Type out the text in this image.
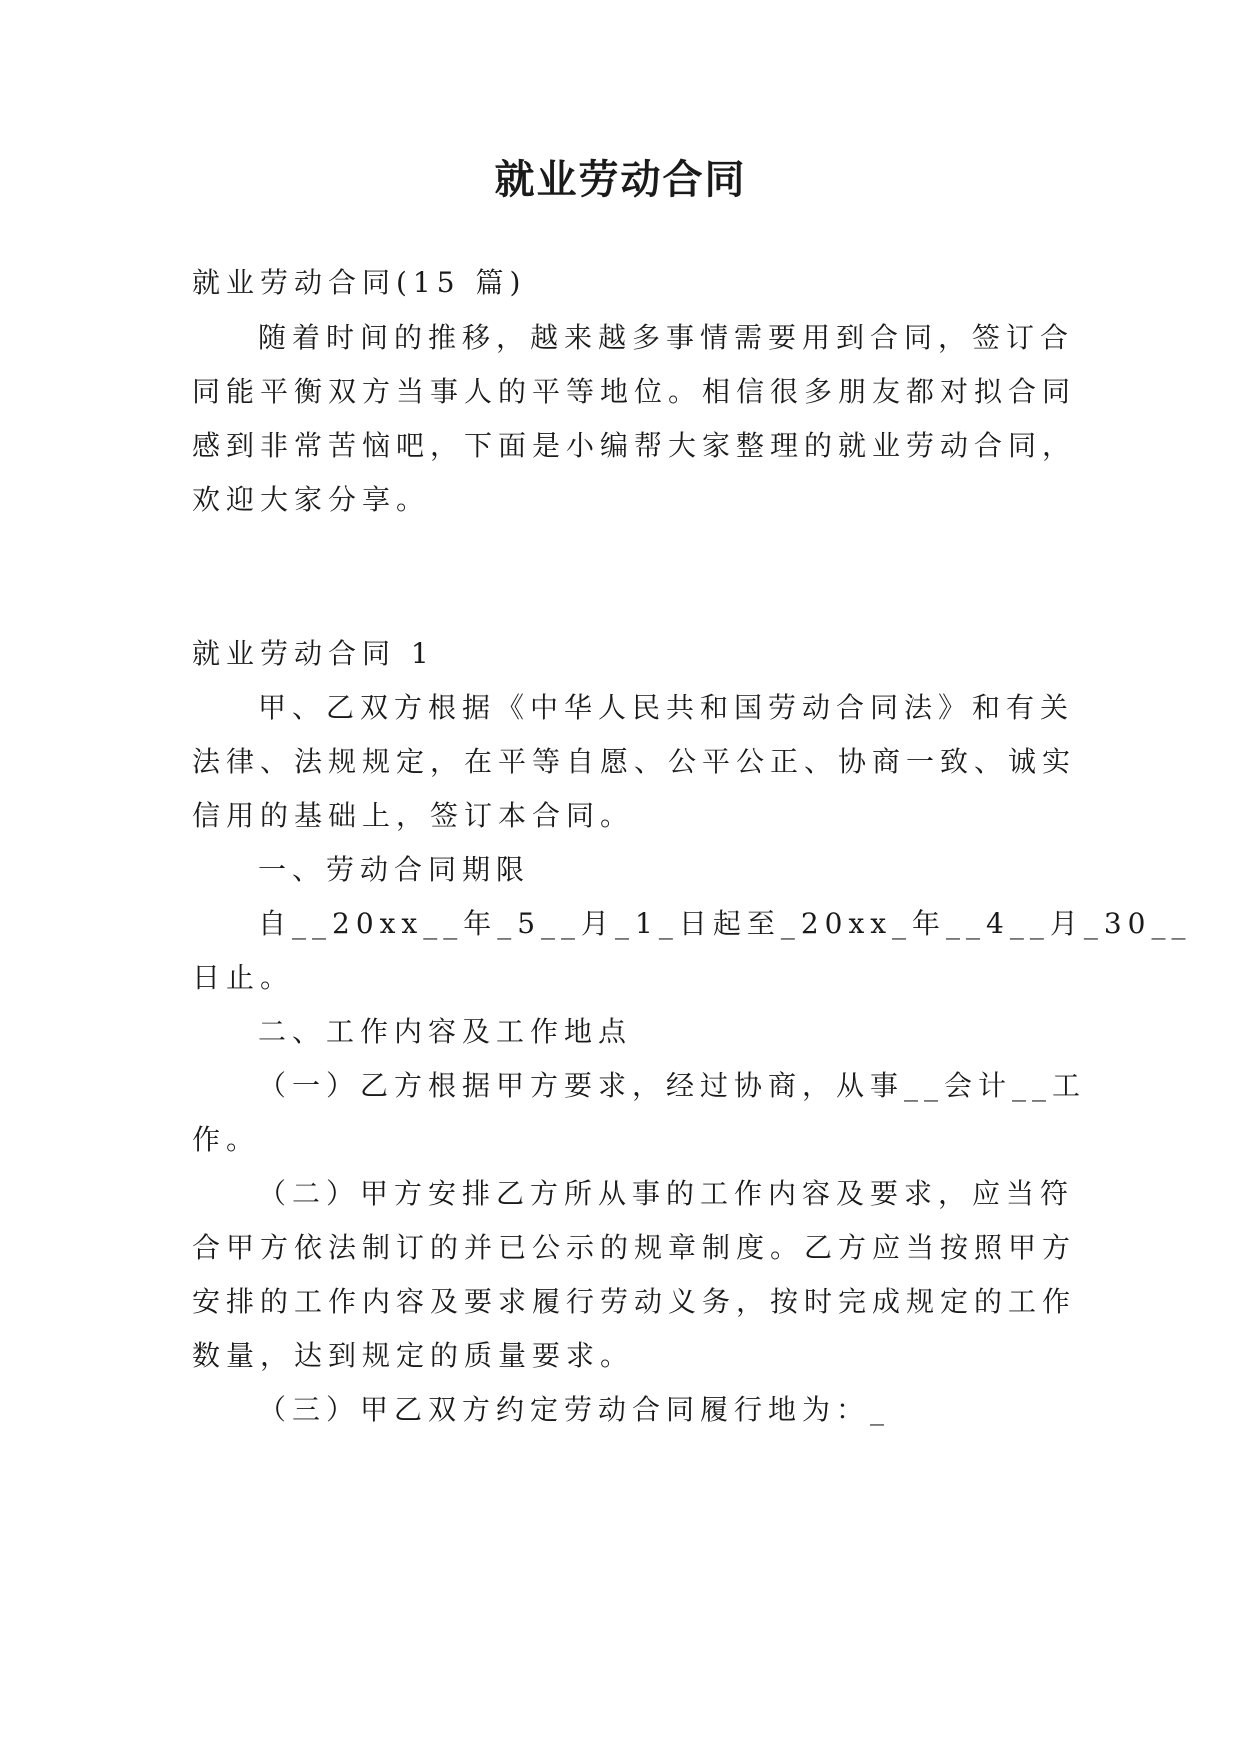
就业劳动合同
就业劳动合同(15 篇)
随着时间的推移，越来越多事情需要用到合同，签订合
同能平衡双方当事人的平等地位。相信很多朋友都对拟合同
感到非常苦恼吧，下面是小编帮大家整理的就业劳动合同，
欢迎大家分享。
就业劳动合同 1
甲、乙双方根据《中华人民共和国劳动合同法》和有关
法律、法规规定，在平等自愿、公平公正、协商一致、诚实
信用的基础上，签订本合同。
一、劳动合同期限
自__20xx__年_5__月_1_日起至_20xx_年__4__月_30__
日止。
二、工作内容及工作地点
（一）乙方根据甲方要求，经过协商，从事__会计__工
作。
（二）甲方安排乙方所从事的工作内容及要求，应当符
合甲方依法制订的并已公示的规章制度。乙方应当按照甲方
安排的工作内容及要求履行劳动义务，按时完成规定的工作
数量，达到规定的质量要求。
（三）甲乙双方约定劳动合同履行地为：_
